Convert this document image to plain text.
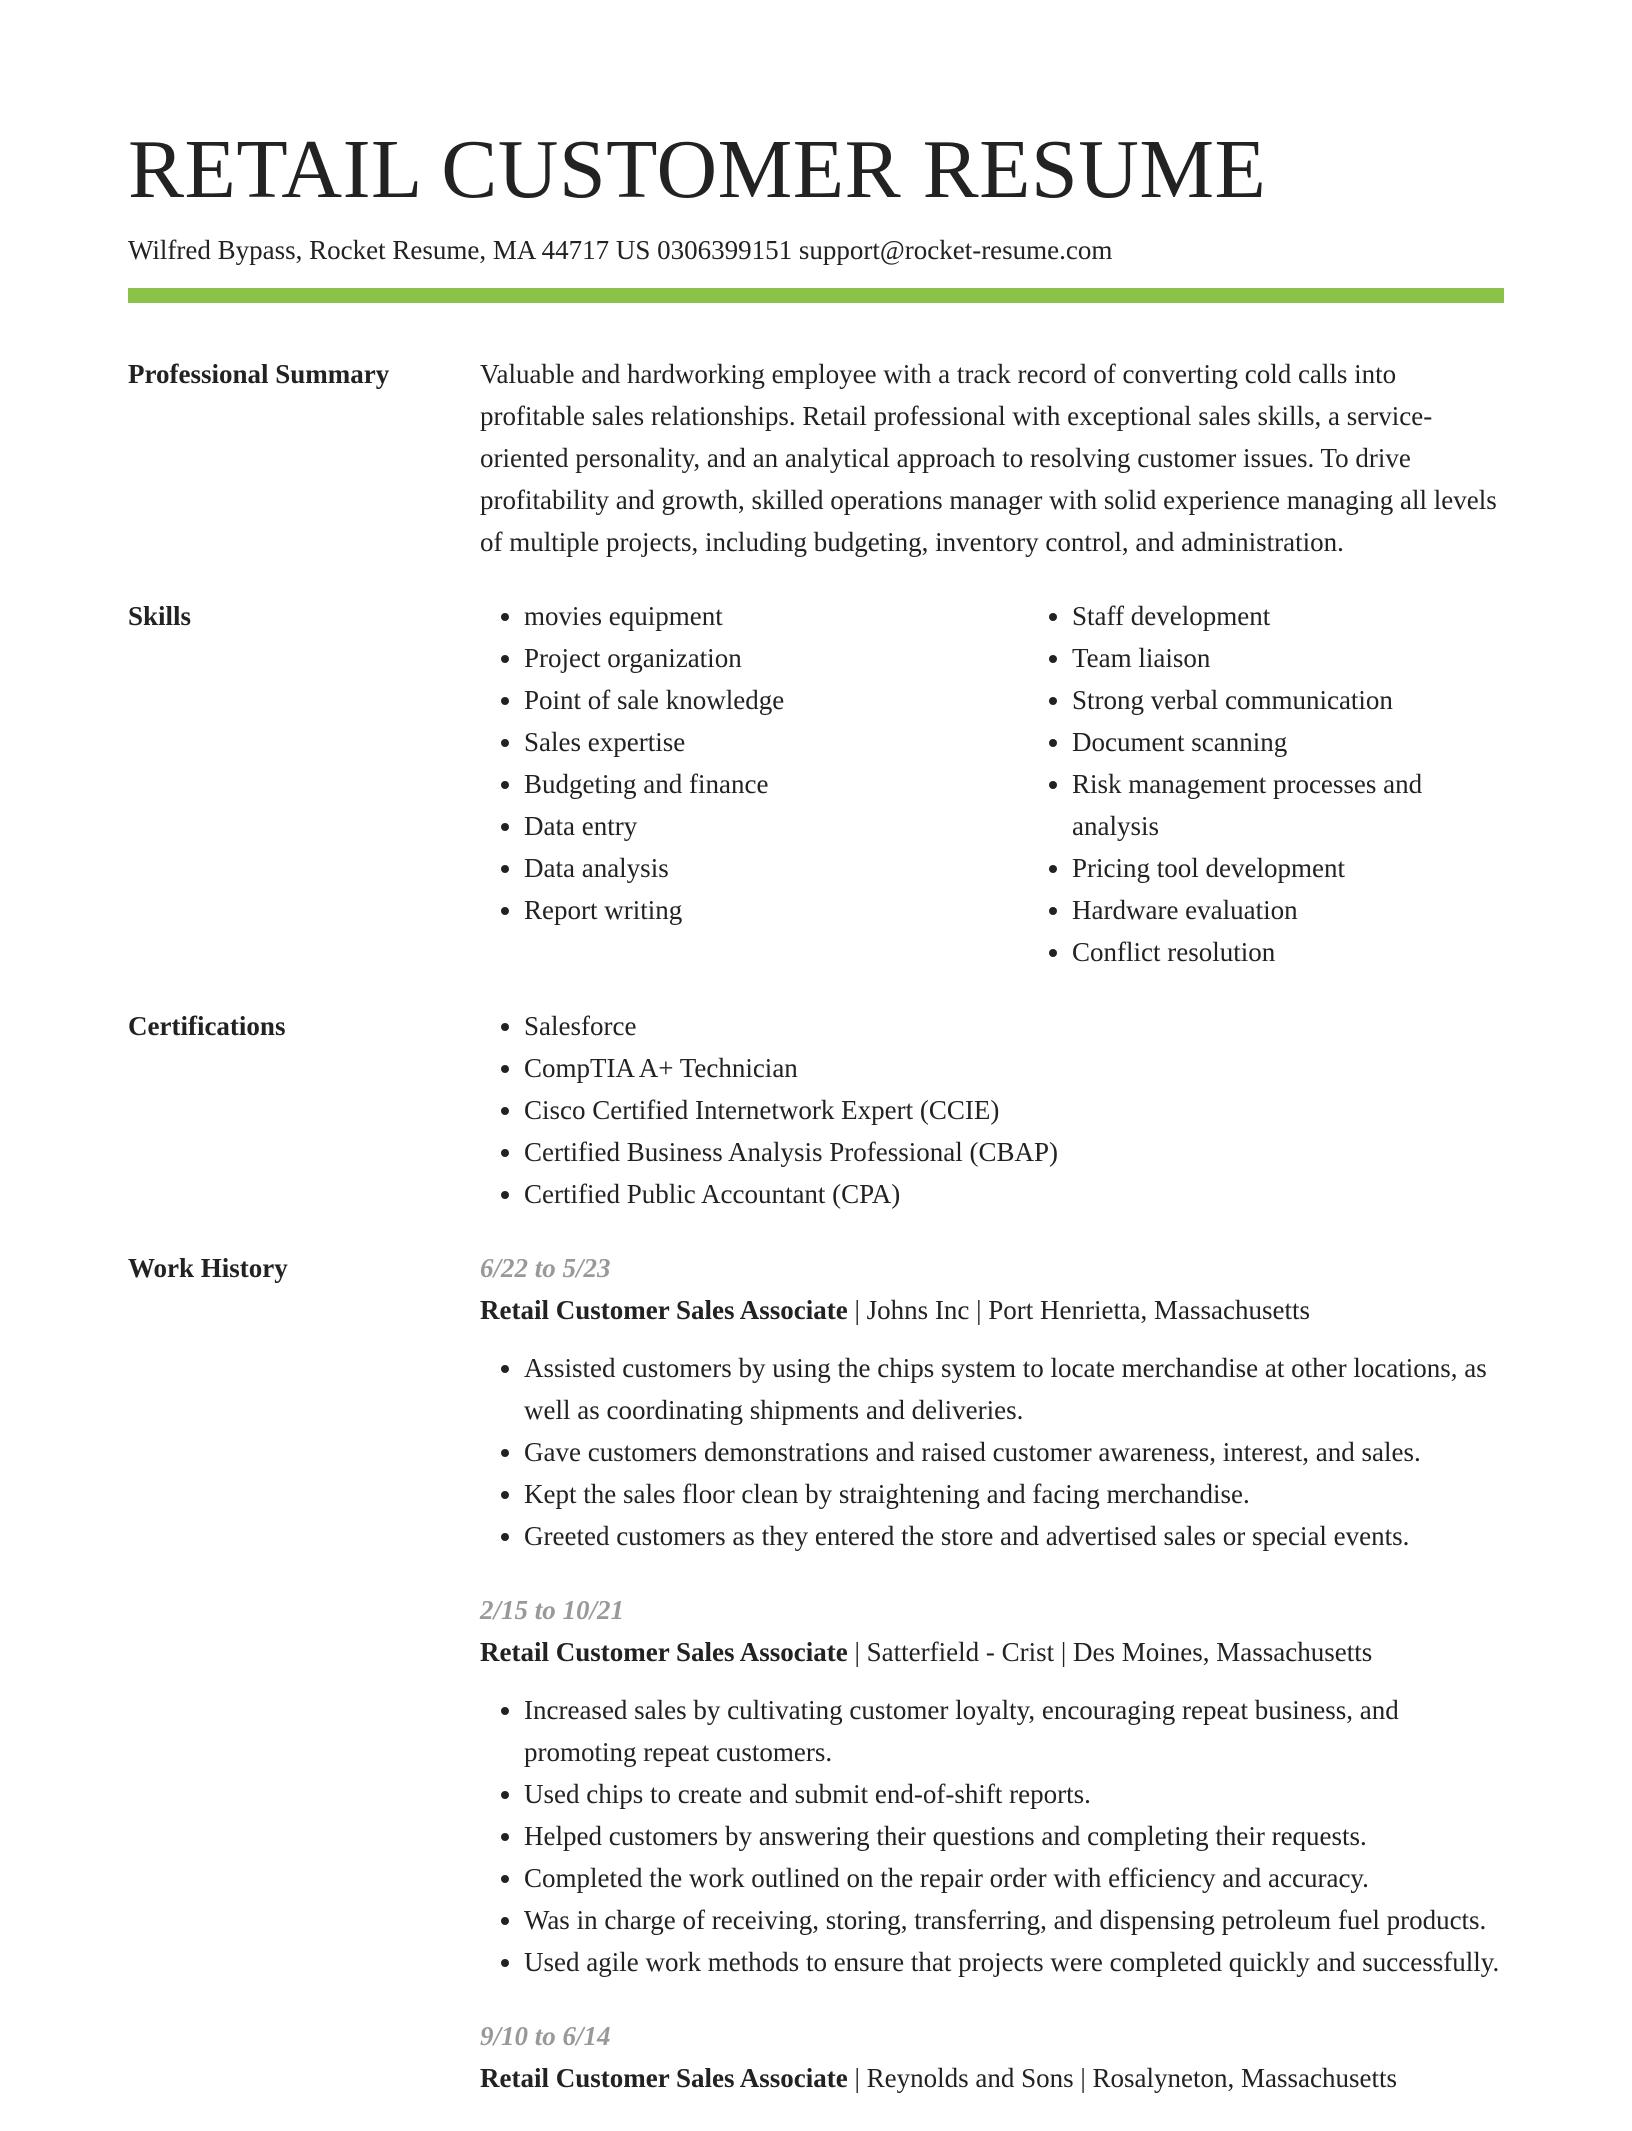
RETAIL CUSTOMER RESUME
Wilfred Bypass, Rocket Resume, MA 44717 US 0306399151 support@rocket-resume.com
Professional Summary	Valuable and hardworking employee with a track record of converting cold calls into profitable sales relationships. Retail professional with exceptional sales skills, a service-oriented personality, and an analytical approach to resolving customer issues. To drive profitability and growth, skilled operations manager with solid experience managing all levels of multiple projects, including budgeting, inventory control, and administration.
Skills	• movies equipment
• Project organization
• Point of sale knowledge
• Sales expertise
• Budgeting and finance
• Data entry
• Data analysis
• Report writing
• Staff development
• Team liaison
• Strong verbal communication
• Document scanning
• Risk management processes and analysis
• Pricing tool development
• Hardware evaluation
• Conflict resolution
Certifications	• Salesforce
• CompTIA A+ Technician
• Cisco Certified Internetwork Expert (CCIE)
• Certified Business Analysis Professional (CBAP)
• Certified Public Accountant (CPA)
Work History	6/22 to 5/23
Retail Customer Sales Associate | Johns Inc | Port Henrietta, Massachusetts
• Assisted customers by using the chips system to locate merchandise at other locations, as well as coordinating shipments and deliveries.
• Gave customers demonstrations and raised customer awareness, interest, and sales.
• Kept the sales floor clean by straightening and facing merchandise.
• Greeted customers as they entered the store and advertised sales or special events.
2/15 to 10/21
Retail Customer Sales Associate | Satterfield - Crist | Des Moines, Massachusetts
• Increased sales by cultivating customer loyalty, encouraging repeat business, and promoting repeat customers.
• Used chips to create and submit end-of-shift reports.
• Helped customers by answering their questions and completing their requests.
• Completed the work outlined on the repair order with efficiency and accuracy.
• Was in charge of receiving, storing, transferring, and dispensing petroleum fuel products.
• Used agile work methods to ensure that projects were completed quickly and successfully.
9/10 to 6/14
Retail Customer Sales Associate | Reynolds and Sons | Rosalyneton, Massachusetts
